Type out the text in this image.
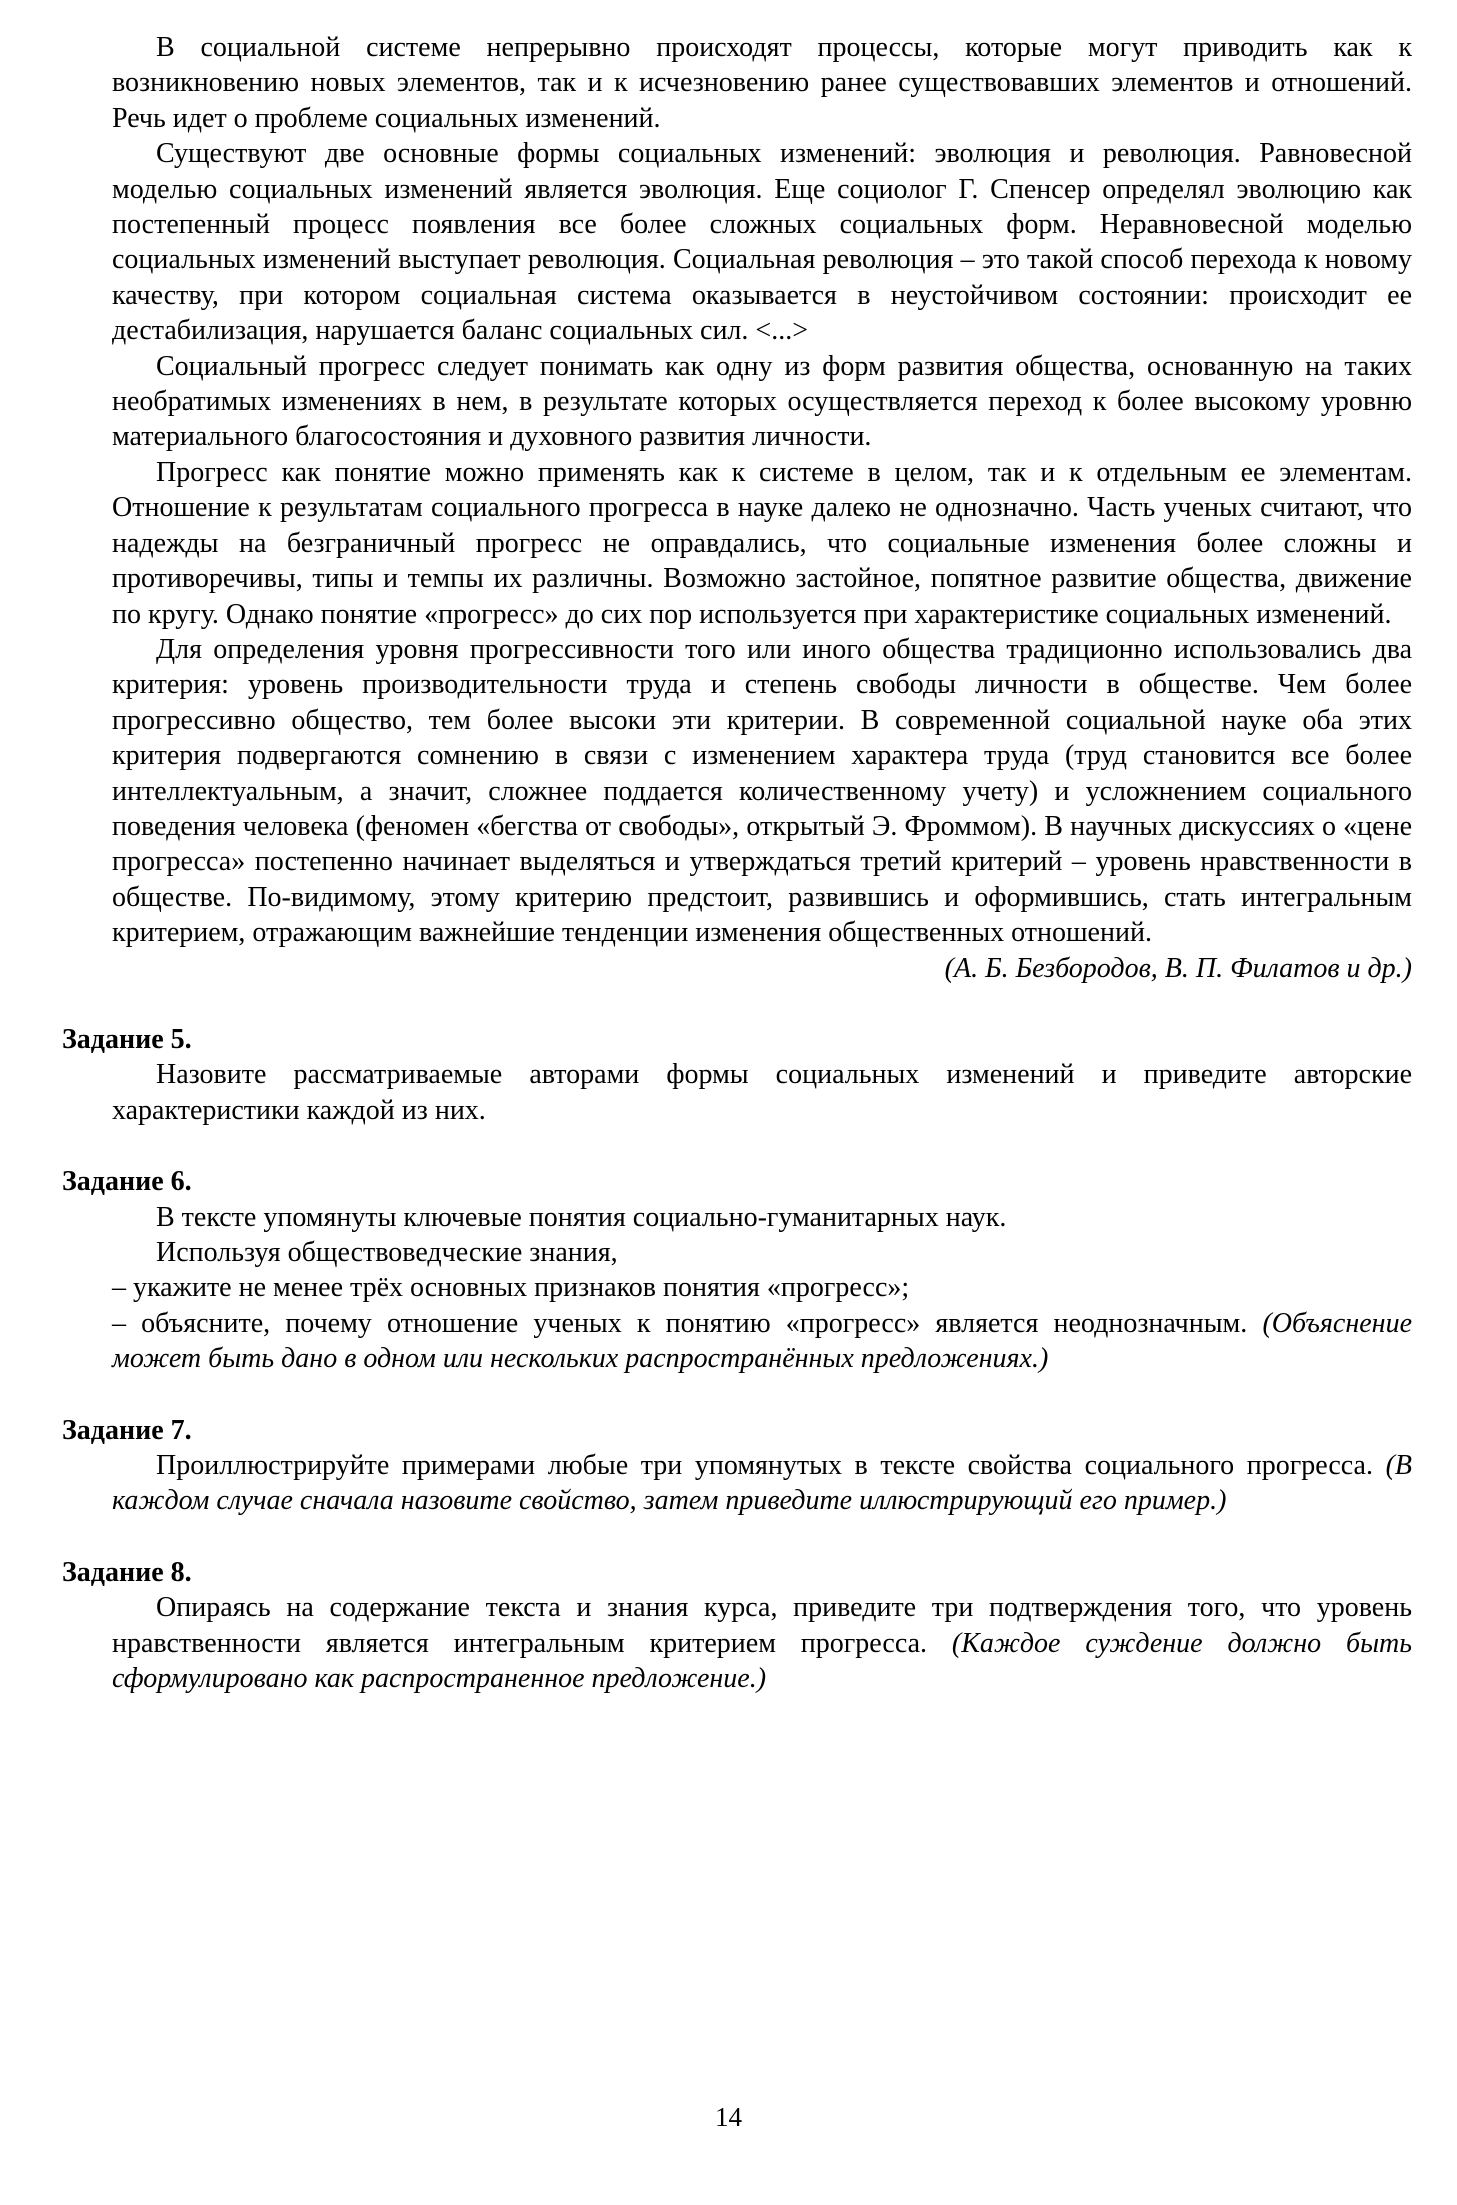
В социальной системе непрерывно происходят процессы, которые могут приводить как к возникновению новых элементов, так и к исчезновению ранее существовавших элементов и отношений. Речь идет о проблеме социальных изменений.

Существуют две основные формы социальных изменений: эволюция и революция. Равновесной моделью социальных изменений является эволюция. Еще социолог Г. Спенсер определял эволюцию как постепенный процесс появления все более сложных социальных форм. Неравновесной моделью социальных изменений выступает революция. Социальная революция – это такой способ перехода к новому качеству, при котором социальная система оказывается в неустойчивом состоянии: происходит ее дестабилизация, нарушается баланс социальных сил. <...>

Социальный прогресс следует понимать как одну из форм развития общества, основанную на таких необратимых изменениях в нем, в результате которых осуществляется переход к более высокому уровню материального благосостояния и духовного развития личности.

Прогресс как понятие можно применять как к системе в целом, так и к отдельным ее элементам. Отношение к результатам социального прогресса в науке далеко не однозначно. Часть ученых считают, что надежды на безграничный прогресс не оправдались, что социальные изменения более сложны и противоречивы, типы и темпы их различны. Возможно застойное, попятное развитие общества, движение по кругу. Однако понятие «прогресс» до сих пор используется при характеристике социальных изменений.

Для определения уровня прогрессивности того или иного общества традиционно использовались два критерия: уровень производительности труда и степень свободы личности в обществе. Чем более прогрессивно общество, тем более высоки эти критерии. В современной социальной науке оба этих критерия подвергаются сомнению в связи с изменением характера труда (труд становится все более интеллектуальным, а значит, сложнее поддается количественному учету) и усложнением социального поведения человека (феномен «бегства от свободы», открытый Э. Фроммом). В научных дискуссиях о «цене прогресса» постепенно начинает выделяться и утверждаться третий критерий – уровень нравственности в обществе. По-видимому, этому критерию предстоит, развившись и оформившись, стать интегральным критерием, отражающим важнейшие тенденции изменения общественных отношений.

(А. Б. Безбородов, В. П. Филатов и др.)

Задание 5.

Назовите рассматриваемые авторами формы социальных изменений и приведите авторские характеристики каждой из них.

Задание 6.

В тексте упомянуты ключевые понятия социально-гуманитарных наук.

Используя обществоведческие знания,

– укажите не менее трёх основных признаков понятия «прогресс»;

– объясните, почему отношение ученых к понятию «прогресс» является неоднозначным. (Объяснение может быть дано в одном или нескольких распространённых предложениях.)

Задание 7.

Проиллюстрируйте примерами любые три упомянутых в тексте свойства социального прогресса. (В каждом случае сначала назовите свойство, затем приведите иллюстрирующий его пример.)

Задание 8.

Опираясь на содержание текста и знания курса, приведите три подтверждения того, что уровень нравственности является интегральным критерием прогресса. (Каждое суждение должно быть сформулировано как распространенное предложение.)

14
